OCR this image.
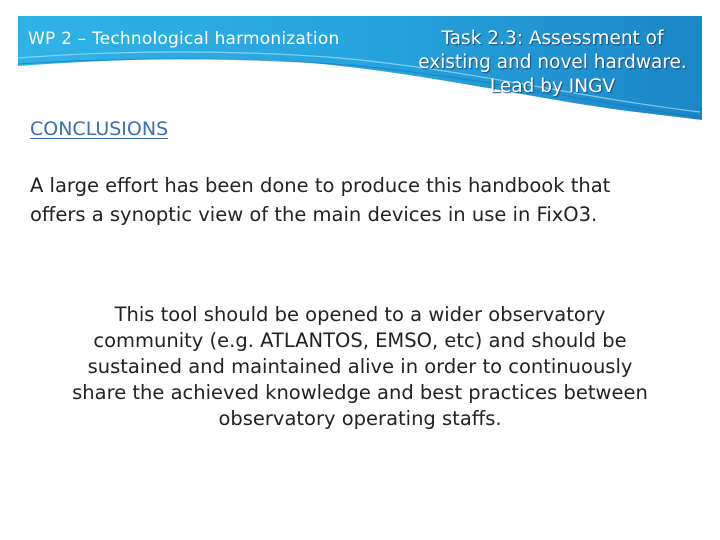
WP 2 – Technological harmonization	Task 2.3: Assessment of
existing and novel hardware.
Lead by INGV
CONCLUSIONS
A large effort has been done to produce this handbook that
offers a synoptic view of the main devices in use in FixO3.
This tool should be opened to a wider observatory
community (e.g. ATLANTOS, EMSO, etc) and should be
sustained and maintained alive in order to continuously
share the achieved knowledge and best practices between
observatory operating staffs.
